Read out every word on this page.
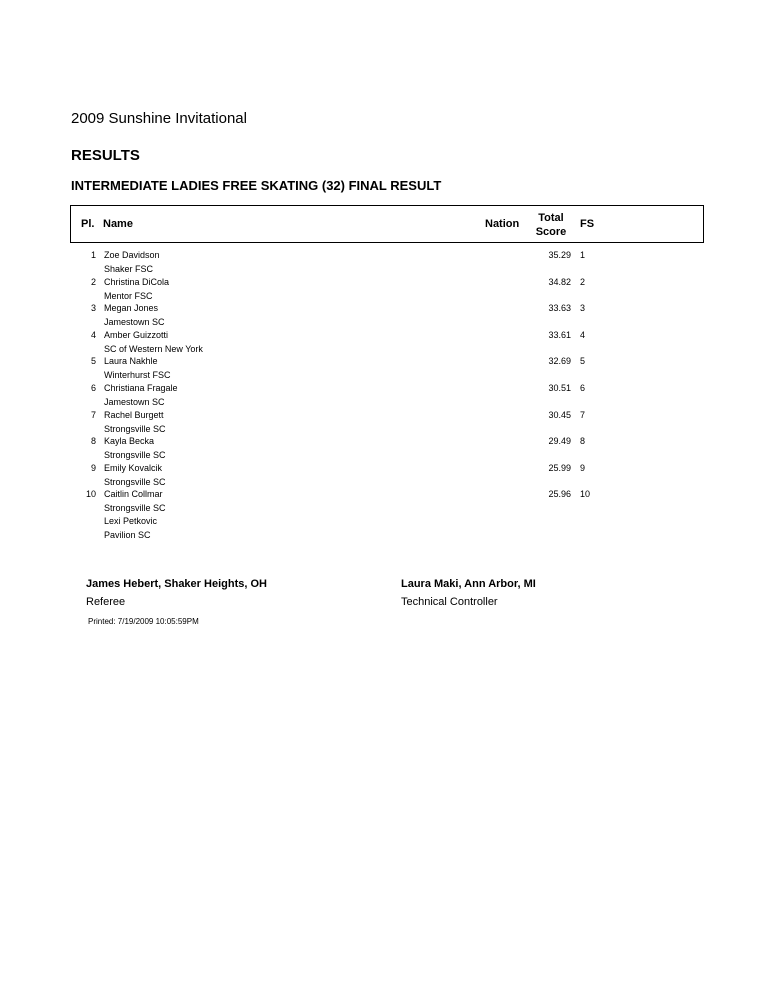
2009 Sunshine Invitational
RESULTS
INTERMEDIATE LADIES FREE SKATING (32) FINAL RESULT
Pl. Name	Nation	Total
Score
FS
1 Zoe Davidson
Shaker FSC
35.29 1
2 Christina DiCola
Mentor FSC
34.82 2
3 Megan Jones
Jamestown SC
33.63 3
4 Amber Guizzotti
SC of Western New York
33.61 4
5 Laura Nakhle
Winterhurst FSC
32.69 5
6 Christiana Fragale
Jamestown SC
30.51 6
7 Rachel Burgett
Strongsville SC
30.45 7
8 Kayla Becka
Strongsville SC
29.49 8
9 Emily Kovalcik
Strongsville SC
25.99 9
10 Caitlin Collmar
Strongsville SC
25.96 10
Lexi Petkovic
Pavilion SC
James Hebert, Shaker Heights, OH
Referee
Laura Maki, Ann Arbor, MI
Technical Controller
Printed: 7/19/2009 10:05:59PM
